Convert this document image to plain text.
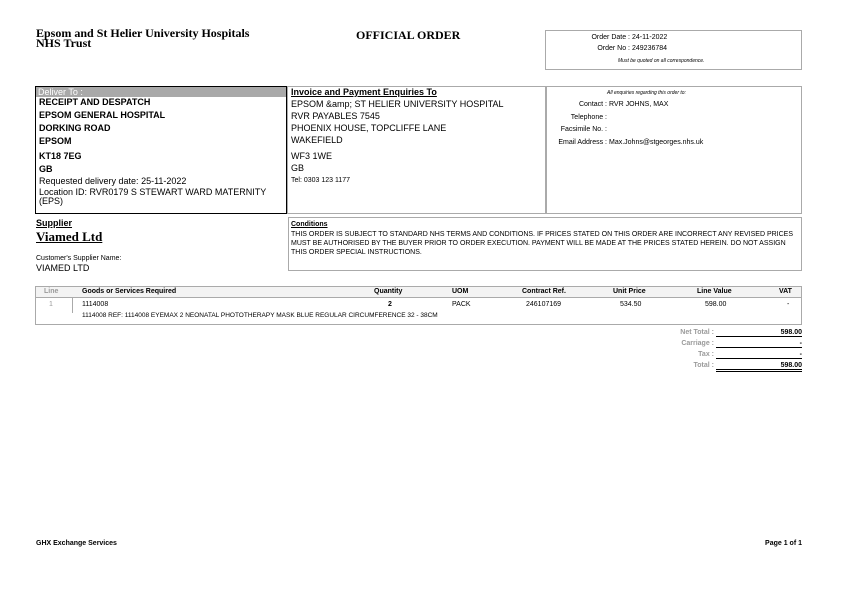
Epsom and St Helier University Hospitals
NHS Trust
OFFICIAL ORDER	Order Date : 24-11-2022
Order No : 249236784
Must be quoted on all correspondence.
Deliver To :
RECEIPT AND DESPATCH
EPSOM GENERAL HOSPITAL
DORKING ROAD
EPSOM
KT18 7EG
GB
Requested delivery date: 25-11-2022
Location ID: RVR0179 S STEWART WARD MATERNITY (EPS)
Invoice and Payment Enquiries To
EPSOM &amp; ST HELIER UNIVERSITY HOSPITAL
RVR PAYABLES 7545
PHOENIX HOUSE, TOPCLIFFE LANE
WAKEFIELD
WF3 1WE
GB
Tel: 0303 123 1177
All enquiries regarding this order to:
Contact : RVR JOHNS, MAX
Telephone :
Facsimile No. :
Email Address : Max.Johns@stgeorges.nhs.uk
Supplier
Viamed Ltd
Customer's Supplier Name:
VIAMED LTD
Conditions
THIS ORDER IS SUBJECT TO STANDARD NHS TERMS AND CONDITIONS. IF PRICES STATED ON THIS ORDER ARE INCORRECT ANY REVISED PRICES MUST BE AUTHORISED BY THE BUYER PRIOR TO ORDER EXECUTION. PAYMENT WILL BE MADE AT THE PRICES STATED HEREIN. DO NOT ASSIGN THIS ORDER SPECIAL INSTRUCTIONS.
Line	Goods or Services Required	Quantity	UOM	Contract Ref.	Unit Price	Line Value	VAT
1	1114008	2	PACK	246107169	534.50	598.00	-
1114008 REF: 1114008 EYEMAX 2 NEONATAL PHOTOTHERAPY MASK BLUE REGULAR CIRCUMFERENCE 32 - 38CM
Net Total :	598.00
Carriage :	-
Tax :	-
Total :	598.00
GHX Exchange Services	Page 1 of 1
